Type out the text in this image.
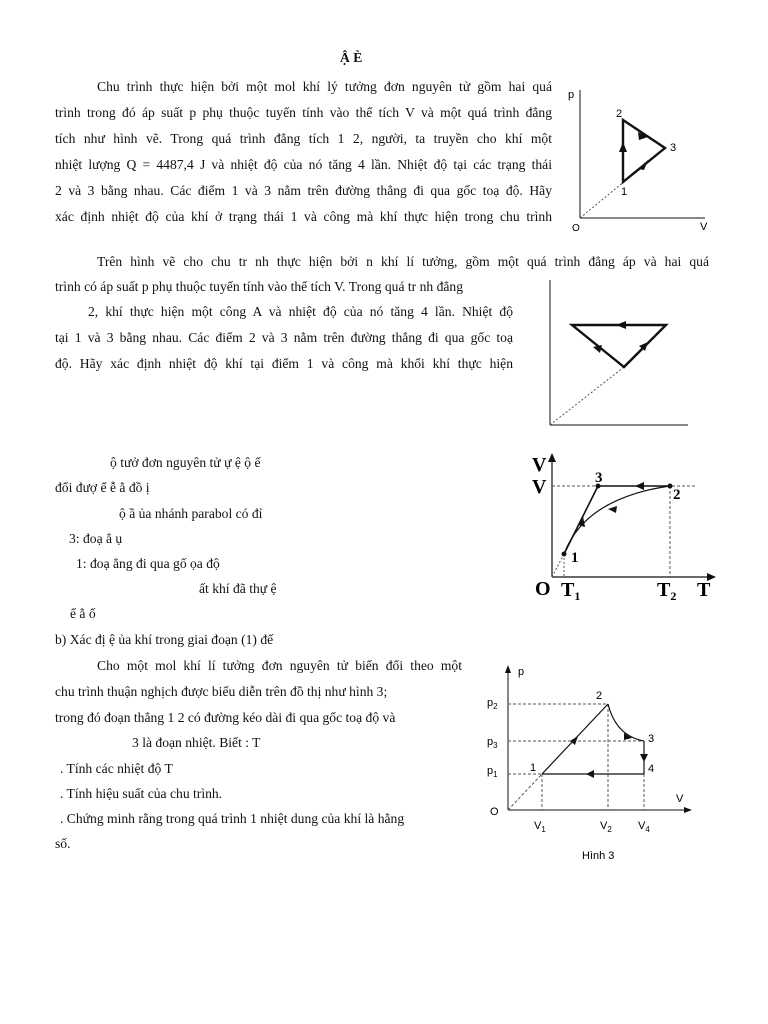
Ậ È
Chu trình thực hiện bởi một mol khí lý tưởng đơn nguyên tử gồm hai quá
trình trong đó áp suất p phụ thuộc tuyến tính vào thể tích V và một quá trình đẳng
tích như hình vẽ. Trong quá trình đẳng tích 1 2, người, ta truyền cho khí một
nhiệt lượng Q = 4487,4 J và nhiệt độ của nó tăng 4 lần. Nhiệt độ tại các trạng thái
2 và 3 bằng nhau. Các điểm 1 và 3 nằm trên đường thẳng đi qua gốc toạ độ. Hãy
xác định nhiệt độ của khí ở trạng thái 1 và công mà khí thực hiện trong chu trình
p
V
O
1
2
3
Trên hình vẽ cho chu tr nh thực hiện bởi n khí lí tưởng, gồm một quá trình đẳng áp và hai quá
trình có áp suất p phụ thuộc tuyến tính vào thể tích V. Trong quá tr nh đẳng
2, khí thực hiện một công A và nhiệt độ của nó tăng 4 lần. Nhiệt độ
tại 1 và 3 bằng nhau. Các điểm 2 và 3 nằm trên đường thẳng đi qua gốc toạ
độ. Hãy xác định nhiệt độ khí tại điểm 1 và công mà khối khí thực hiện
ộ tưở đơn nguyên tử ự ệ ộ ế
đổi đượ ể ễ ằ đồ ị
ộ ầ ủa nhánh parabol có đỉ
3: đoạ ẳ ụ
1: đoạ ẳng đi qua gố ọa độ
ất khí đã thự ệ
ế ằ ố
b) Xác đị ệ ủa khí trong giai đoạn (1) đế
V
V
O $T_1$	$T_2$ T
1
2
3
Cho một mol khí lí tưởng đơn nguyên tử biến đổi theo một
chu trình thuận nghịch được biểu diễn trên đồ thị như hình 3;
trong đó đoạn thẳng 1 2 có đường kéo dài đi qua gốc toạ độ và
3 là đoạn nhiệt. Biết : T
. Tính các nhiệt độ T
. Tính hiệu suất của chu trình.
. Chứng minh rằng trong quá trình 1 nhiệt dung của khí là hằng
số.
p
V
O
$p_2$
$p_3$
$p_1$
$V_1$	$V_2$ $V_4$
1
2
3
4
Hình 3
